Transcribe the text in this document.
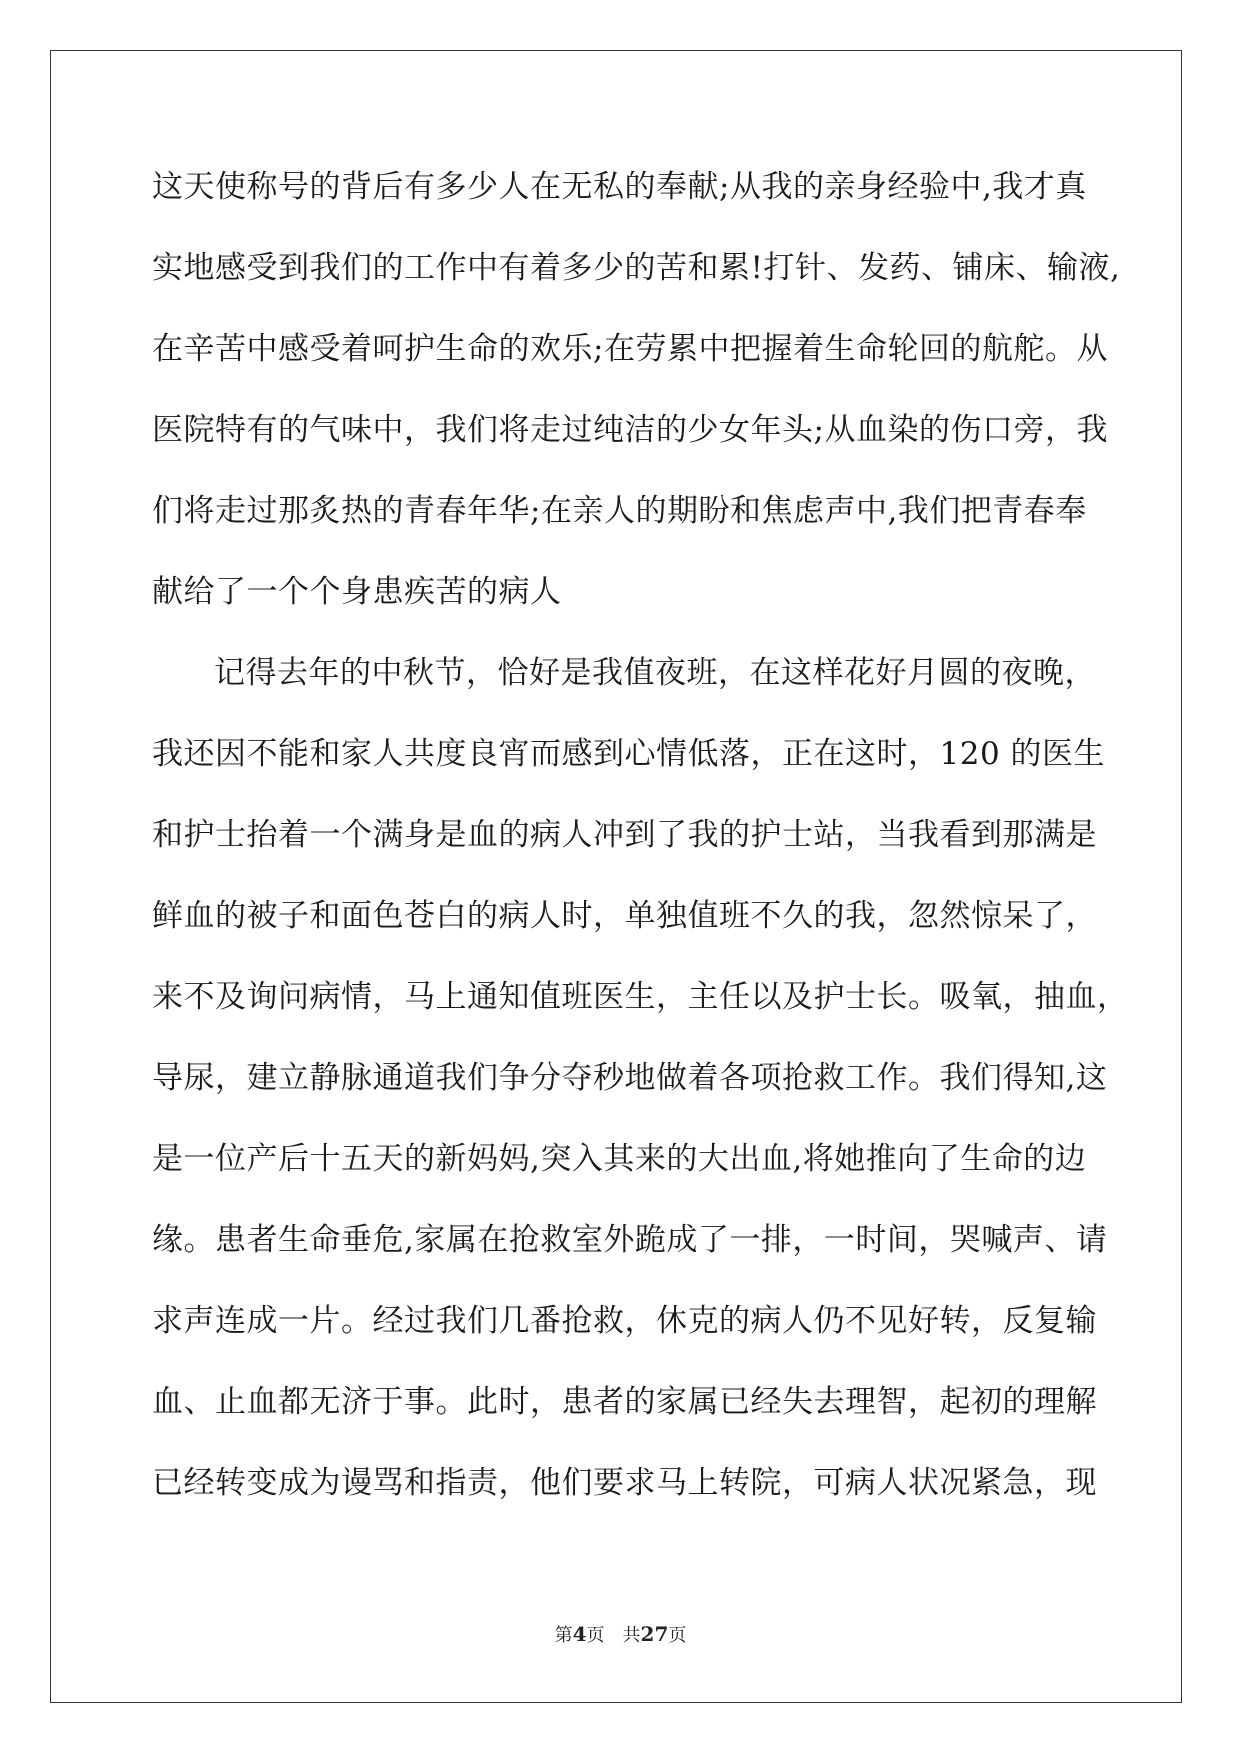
这天使称号的背后有多少人在无私的奉献;从我的亲身经验中,我才真
实地感受到我们的工作中有着多少的苦和累!打针、发药、铺床、输液,
在辛苦中感受着呵护生命的欢乐;在劳累中把握着生命轮回的航舵。从
医院特有的气味中，我们将走过纯洁的少女年头;从血染的伤口旁，我
们将走过那炙热的青春年华;在亲人的期盼和焦虑声中,我们把青春奉
献给了一个个身患疾苦的病人
记得去年的中秋节，恰好是我值夜班，在这样花好月圆的夜晚，
我还因不能和家人共度良宵而感到心情低落，正在这时，120 的医生
和护士抬着一个满身是血的病人冲到了我的护士站，当我看到那满是
鲜血的被子和面色苍白的病人时，单独值班不久的我，忽然惊呆了，
来不及询问病情，马上通知值班医生，主任以及护士长。吸氧，抽血，
导尿，建立静脉通道我们争分夺秒地做着各项抢救工作。我们得知,这
是一位产后十五天的新妈妈,突入其来的大出血,将她推向了生命的边
缘。患者生命垂危,家属在抢救室外跪成了一排，一时间，哭喊声、请
求声连成一片。经过我们几番抢救，休克的病人仍不见好转，反复输
血、止血都无济于事。此时，患者的家属已经失去理智，起初的理解
已经转变成为谩骂和指责，他们要求马上转院，可病人状况紧急，现
第4页 共27页
